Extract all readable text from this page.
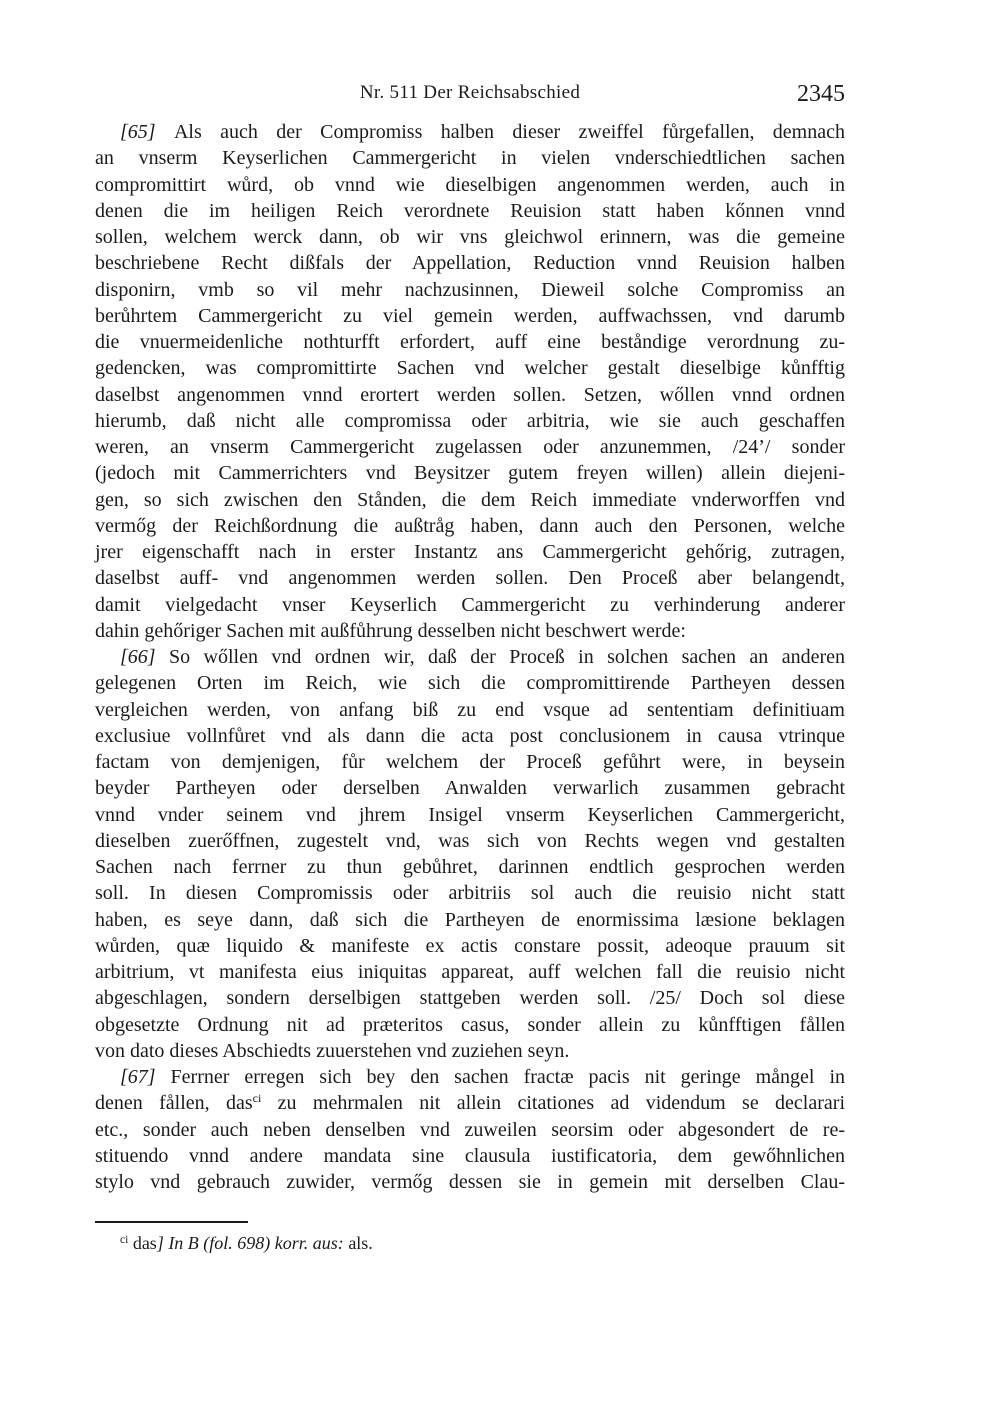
Nr. 511 Der Reichsabschied	2345
[65] Als auch der Compromiss halben dieser zweiffel fůrgefallen, demnach
an vnserm Keyserlichen Cammergericht in vielen vnderschiedtlichen sachen
compromittirt wůrd, ob vnnd wie dieselbigen angenommen werden, auch in
denen die im heiligen Reich verordnete Reuision statt haben kőnnen vnnd
sollen, welchem werck dann, ob wir vns gleichwol erinnern, was die gemeine
beschriebene Recht dißfals der Appellation, Reduction vnnd Reuision halben
disponirn, vmb so vil mehr nachzusinnen, Dieweil solche Compromiss an
berůhrtem Cammergericht zu viel gemein werden, auffwachssen, vnd darumb
die vnuermeidenliche nothturfft erfordert, auff eine beståndige verordnung zu-
gedencken, was compromittirte Sachen vnd welcher gestalt dieselbige kůnfftig
daselbst angenommen vnnd erortert werden sollen. Setzen, wőllen vnnd ordnen
hierumb, daß nicht alle compromissa oder arbitria, wie sie auch geschaffen
weren, an vnserm Cammergericht zugelassen oder anzunemmen, /24’/ sonder
(jedoch mit Cammerrichters vnd Beysitzer gutem freyen willen) allein diejeni-
gen, so sich zwischen den Stånden, die dem Reich immediate vnderworffen vnd
vermőg der Reichßordnung die außtråg haben, dann auch den Personen, welche
jrer eigenschafft nach in erster Instantz ans Cammergericht gehőrig, zutragen,
daselbst auff- vnd angenommen werden sollen. Den Proceß aber belangendt,
damit vielgedacht vnser Keyserlich Cammergericht zu verhinderung anderer
dahin gehőriger Sachen mit außfůhrung desselben nicht beschwert werde:
[66] So wőllen vnd ordnen wir, daß der Proceß in solchen sachen an anderen
gelegenen Orten im Reich, wie sich die compromittirende Partheyen dessen
vergleichen werden, von anfang biß zu end vsque ad sententiam definitiuam
exclusiue vollnfůret vnd als dann die acta post conclusionem in causa vtrinque
factam von demjenigen, fůr welchem der Proceß gefůhrt were, in beysein
beyder Partheyen oder derselben Anwalden verwarlich zusammen gebracht
vnnd vnder seinem vnd jhrem Insigel vnserm Keyserlichen Cammergericht,
dieselben zuerőffnen, zugestelt vnd, was sich von Rechts wegen vnd gestalten
Sachen nach ferrner zu thun gebůhret, darinnen endtlich gesprochen werden
soll. In diesen Compromissis oder arbitriis sol auch die reuisio nicht statt
haben, es seye dann, daß sich die Partheyen de enormissima læsione beklagen
wůrden, quæ liquido & manifeste ex actis constare possit, adeoque prauum sit
arbitrium, vt manifesta eius iniquitas appareat, auff welchen fall die reuisio nicht
abgeschlagen, sondern derselbigen stattgeben werden soll. /25/ Doch sol diese
obgesetzte Ordnung nit ad præteritos casus, sonder allein zu kůnfftigen fållen
von dato dieses Abschiedts zuuerstehen vnd zuziehen seyn.
[67] Ferrner erregen sich bey den sachen fractæ pacis nit geringe mångel in
denen fållen, das$^{ci}$ zu mehrmalen nit allein citationes ad videndum se declarari
etc., sonder auch neben denselben vnd zuweilen seorsim oder abgesondert de re-
stituendo vnnd andere mandata sine clausula iustificatoria, dem gewőhnlichen
stylo vnd gebrauch zuwider, vermőg dessen sie in gemein mit derselben Clau-
$^{ci}$ das] In B (fol. 698) korr. aus: als.
